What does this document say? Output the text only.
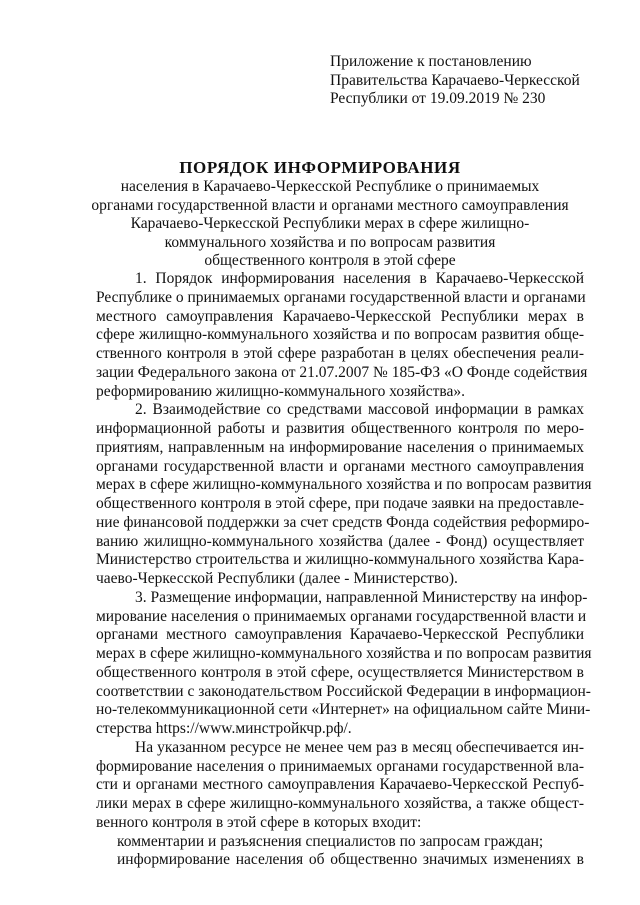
Приложение к постановлению
Правительства Карачаево-Черкесской
Республики от 19.09.2019 № 230
ПОРЯДОК ИНФОРМИРОВАНИЯ
населения в Карачаево-Черкесской Республике о принимаемых
органами государственной власти и органами местного самоуправления
Карачаево-Черкесской Республики мерах в сфере жилищно-
коммунального хозяйства и по вопросам развития
общественного контроля в этой сфере
1. Порядок информирования населения в Карачаево-Черкесской
Республике о принимаемых органами государственной власти и органами
местного самоуправления Карачаево-Черкесской Республики мерах в
сфере жилищно-коммунального хозяйства и по вопросам развития обще-
ственного контроля в этой сфере разработан в целях обеспечения реали-
зации Федерального закона от 21.07.2007 № 185-ФЗ «О Фонде содействия
реформированию жилищно-коммунального хозяйства».
2. Взаимодействие со средствами массовой информации в рамках
информационной работы и развития общественного контроля по меро-
приятиям, направленным на информирование населения о принимаемых
органами государственной власти и органами местного самоуправления
мерах в сфере жилищно-коммунального хозяйства и по вопросам развития
общественного контроля в этой сфере, при подаче заявки на предоставле-
ние финансовой поддержки за счет средств Фонда содействия реформиро-
ванию жилищно-коммунального хозяйства (далее - Фонд) осуществляет
Министерство строительства и жилищно-коммунального хозяйства Кара-
чаево-Черкесской Республики (далее - Министерство).
3. Размещение информации, направленной Министерству на инфор-
мирование населения о принимаемых органами государственной власти и
органами местного самоуправления Карачаево-Черкесской Республики
мерах в сфере жилищно-коммунального хозяйства и по вопросам развития
общественного контроля в этой сфере, осуществляется Министерством в
соответствии с законодательством Российской Федерации в информацион-
но-телекоммуникационной сети «Интернет» на официальном сайте Мини-
стерства https://www.минстройкчр.рф/.
На указанном ресурсе не менее чем раз в месяц обеспечивается ин-
формирование населения о принимаемых органами государственной вла-
сти и органами местного самоуправления Карачаево-Черкесской Респуб-
лики мерах в сфере жилищно-коммунального хозяйства, а также общест-
венного контроля в этой сфере в которых входит:
комментарии и разъяснения специалистов по запросам граждан;
информирование населения об общественно значимых изменениях в
